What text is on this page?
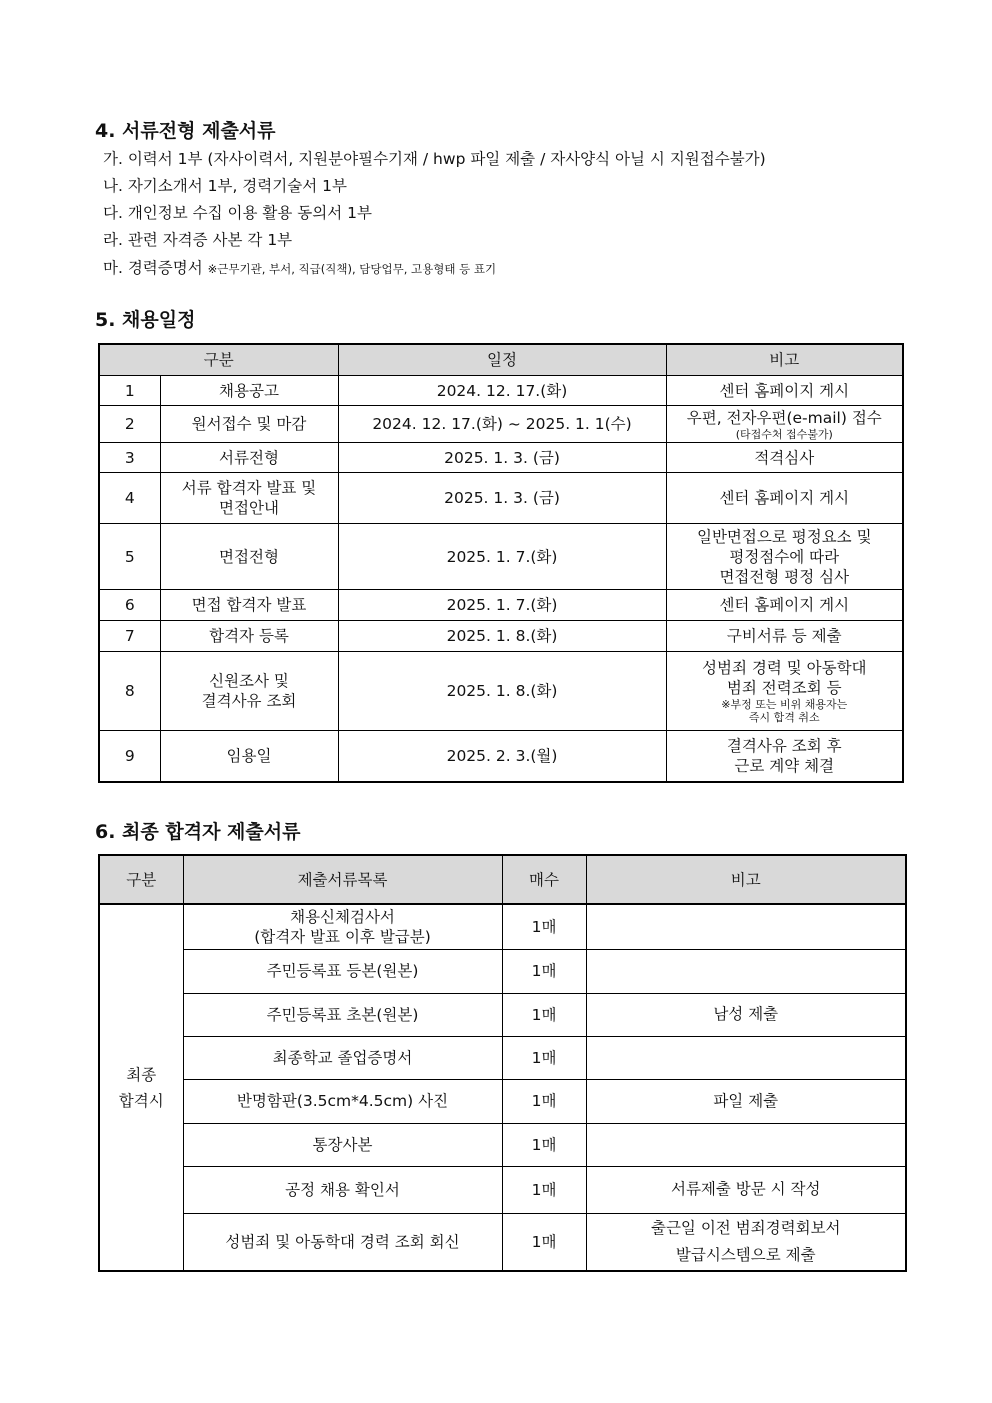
4. 서류전형 제출서류
가. 이력서 1부 (자사이력서, 지원분야필수기재 / hwp 파일 제출 / 자사양식 아닐 시 지원접수불가)
나. 자기소개서 1부, 경력기술서 1부
다. 개인정보 수집 이용 활용 동의서 1부
라. 관련 자격증 사본 각 1부
마. 경력증명서 ※근무기관, 부서, 직급(직책), 담당업무, 고용형태 등 표기
5. 채용일정
구분		일정	비고
1	채용공고	2024. 12. 17.(화)	센터 홈페이지 게시

2	원서접수 및 마감	2024. 12. 17.(화) ~ 2025. 1. 1(수)	우편, 전자우편(e-mail) 접수
(타접수처 접수불가)

3	서류전형	2025. 1. 3. (금)	적격심사

4	서류 합격자 발표 및
면접안내	2025. 1. 3. (금)	센터 홈페이지 게시

5	면접전형	2025. 1. 7.(화)	일반면접으로 평정요소 및
평정점수에 따라
면접전형 평정 심사

6	면접 합격자 발표	2025. 1. 7.(화)	센터 홈페이지 게시

7	합격자 등록	2025. 1. 8.(화)	구비서류 등 제출

8	신원조사 및
결격사유 조회	2025. 1. 8.(화)	성범죄 경력 및 아동학대
범죄 전력조회 등
※부정 또는 비위 채용자는
즉시 합격 취소

9	임용일	2025. 2. 3.(월)	결격사유 조회 후
근로 계약 체결
6. 최종 합격자 제출서류
구분	제출서류목록	매수	비고

최종
합격시	채용신체검사서
(합격자 발표 이후 발급분)	1매	

	주민등록표 등본(원본)	1매	

	주민등록표 초본(원본)	1매	남성 제출

	최종학교 졸업증명서	1매	

	반명함판(3.5cm*4.5cm) 사진	1매	파일 제출

	통장사본	1매	

	공정 채용 확인서	1매	서류제출 방문 시 작성

	성범죄 및 아동학대 경력 조회 회신	1매	출근일 이전 범죄경력회보서
발급시스템으로 제출
